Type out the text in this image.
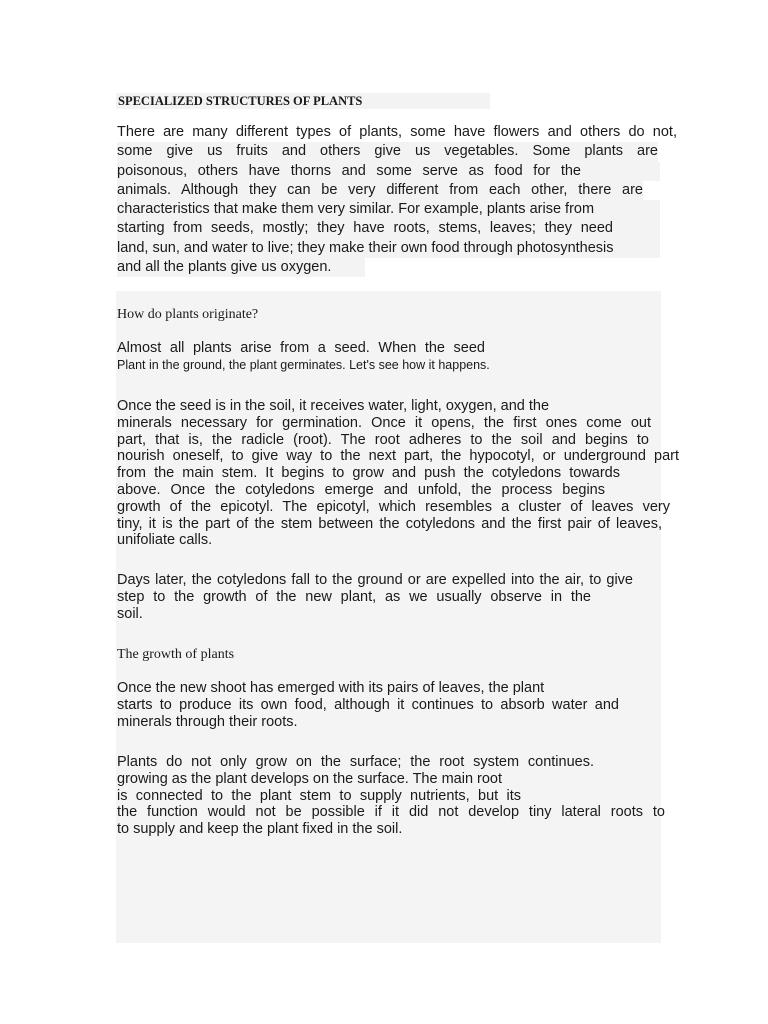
SPECIALIZED STRUCTURES OF PLANTS
There are many different types of plants, some have flowers and others do not,
some give us fruits and others give us vegetables. Some plants are
poisonous, others have thorns and some serve as food for the
animals. Although they can be very different from each other, there are
characteristics that make them very similar. For example, plants arise from
starting from seeds, mostly; they have roots, stems, leaves; they need
land, sun, and water to live; they make their own food through photosynthesis
and all the plants give us oxygen.
How do plants originate?
Almost all plants arise from a seed. When the seed
Plant in the ground, the plant germinates. Let's see how it happens.
Once the seed is in the soil, it receives water, light, oxygen, and the
minerals necessary for germination. Once it opens, the first ones come out
part, that is, the radicle (root). The root adheres to the soil and begins to
nourish oneself, to give way to the next part, the hypocotyl, or underground part
from the main stem. It begins to grow and push the cotyledons towards
above. Once the cotyledons emerge and unfold, the process begins
growth of the epicotyl. The epicotyl, which resembles a cluster of leaves very
tiny, it is the part of the stem between the cotyledons and the first pair of leaves,
unifoliate calls.
Days later, the cotyledons fall to the ground or are expelled into the air, to give
step to the growth of the new plant, as we usually observe in the
soil.
The growth of plants
Once the new shoot has emerged with its pairs of leaves, the plant
starts to produce its own food, although it continues to absorb water and
minerals through their roots.
Plants do not only grow on the surface; the root system continues.
growing as the plant develops on the surface. The main root
is connected to the plant stem to supply nutrients, but its
the function would not be possible if it did not develop tiny lateral roots to
to supply and keep the plant fixed in the soil.
